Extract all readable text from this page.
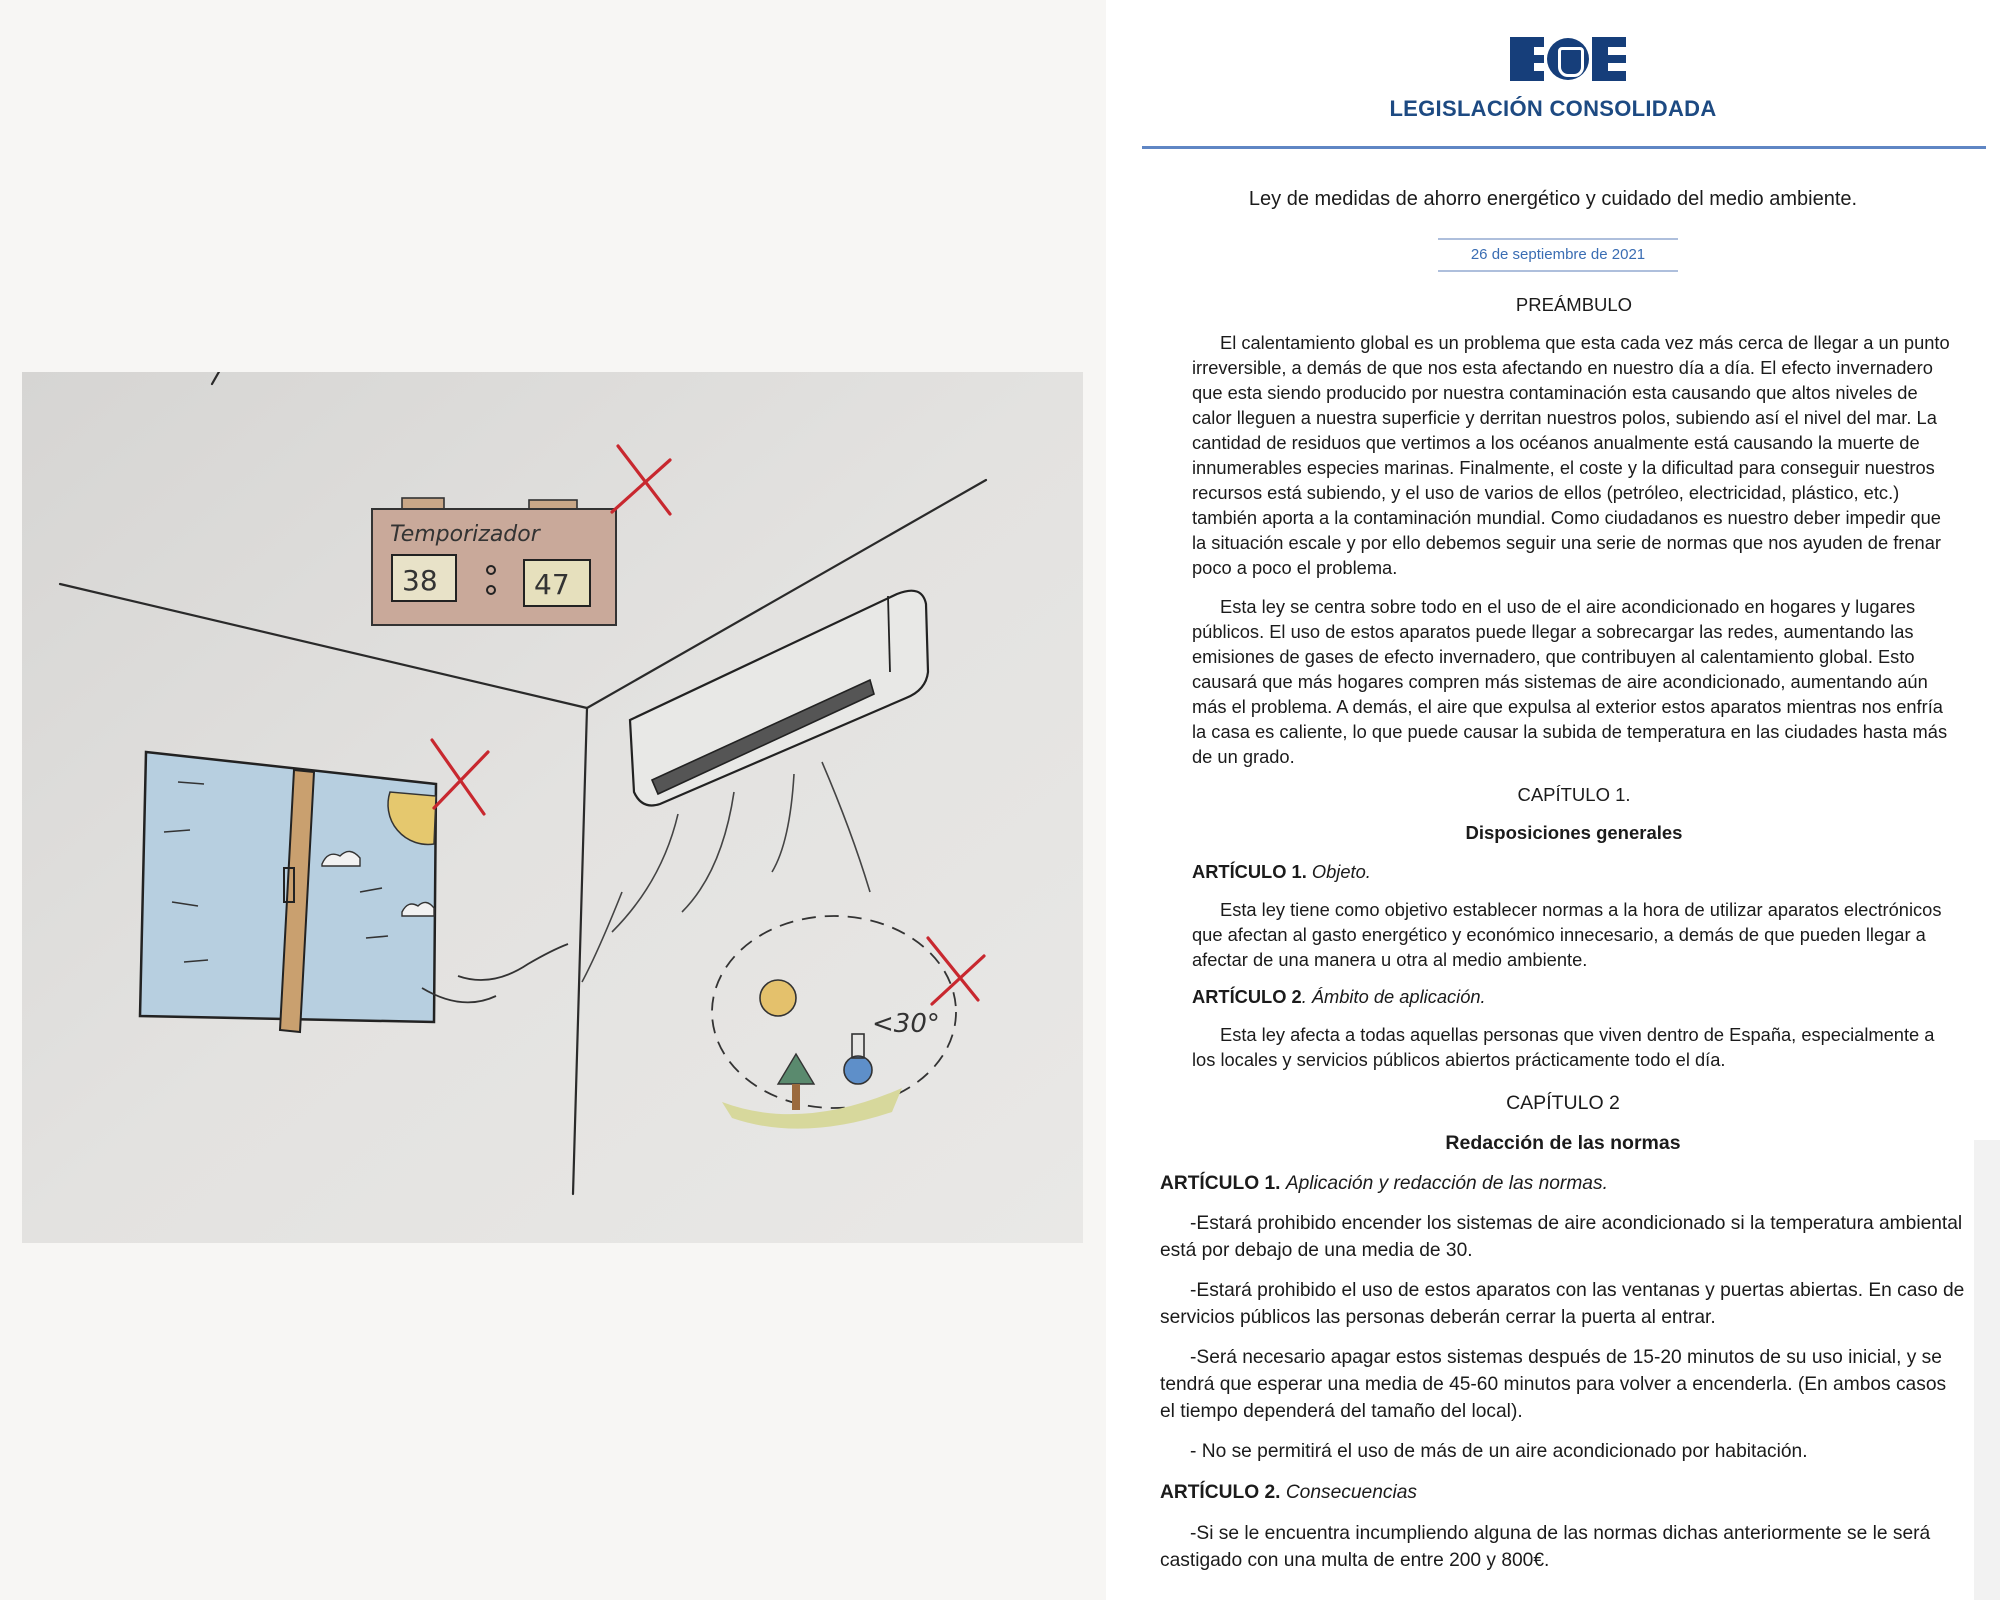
Temporizador
38	47
<30°
LEGISLACIÓN CONSOLIDADA
Ley de medidas de ahorro energético y cuidado del medio ambiente.
26 de septiembre de 2021
PREÁMBULO
El calentamiento global es un problema que esta cada vez más cerca de llegar a un punto irreversible, a demás de que nos esta afectando en nuestro día a día. El efecto invernadero que esta siendo producido por nuestra contaminación esta causando que altos niveles de calor lleguen a nuestra superficie y derritan nuestros polos, subiendo así el nivel del mar. La cantidad de residuos que vertimos a los océanos anualmente está causando la muerte de innumerables especies marinas. Finalmente, el coste y la dificultad para conseguir nuestros recursos está subiendo, y el uso de varios de ellos (petróleo, electricidad, plástico, etc.) también aporta a la contaminación mundial. Como ciudadanos es nuestro deber impedir que la situación escale y por ello debemos seguir una serie de normas que nos ayuden de frenar poco a poco el problema.
Esta ley se centra sobre todo en el uso de el aire acondicionado en hogares y lugares públicos. El uso de estos aparatos puede llegar a sobrecargar las redes, aumentando las emisiones de gases de efecto invernadero, que contribuyen al calentamiento global. Esto causará que más hogares compren más sistemas de aire acondicionado, aumentando aún más el problema. A demás, el aire que expulsa al exterior estos aparatos mientras nos enfría la casa es caliente, lo que puede causar la subida de temperatura en las ciudades hasta más de un grado.
CAPÍTULO 1.
Disposiciones generales
ARTÍCULO 1. Objeto.
Esta ley tiene como objetivo establecer normas a la hora de utilizar aparatos electrónicos que afectan al gasto energético y económico innecesario, a demás de que pueden llegar a afectar de una manera u otra al medio ambiente.
ARTÍCULO 2. Ámbito de aplicación.
Esta ley afecta a todas aquellas personas que viven dentro de España, especialmente a los locales y servicios públicos abiertos prácticamente todo el día.
CAPÍTULO 2
Redacción de las normas
ARTÍCULO 1. Aplicación y redacción de las normas.
-Estará prohibido encender los sistemas de aire acondicionado si la temperatura ambiental está por debajo de una media de 30.
-Estará prohibido el uso de estos aparatos con las ventanas y puertas abiertas. En caso de servicios públicos las personas deberán cerrar la puerta al entrar.
-Será necesario apagar estos sistemas después de 15-20 minutos de su uso inicial, y se tendrá que esperar una media de 45-60 minutos para volver a encenderla. (En ambos casos el tiempo dependerá del tamaño del local).
- No se permitirá el uso de más de un aire acondicionado por habitación.
ARTÍCULO 2. Consecuencias
-Si se le encuentra incumpliendo alguna de las normas dichas anteriormente se le será castigado con una multa de entre 200 y 800€.
